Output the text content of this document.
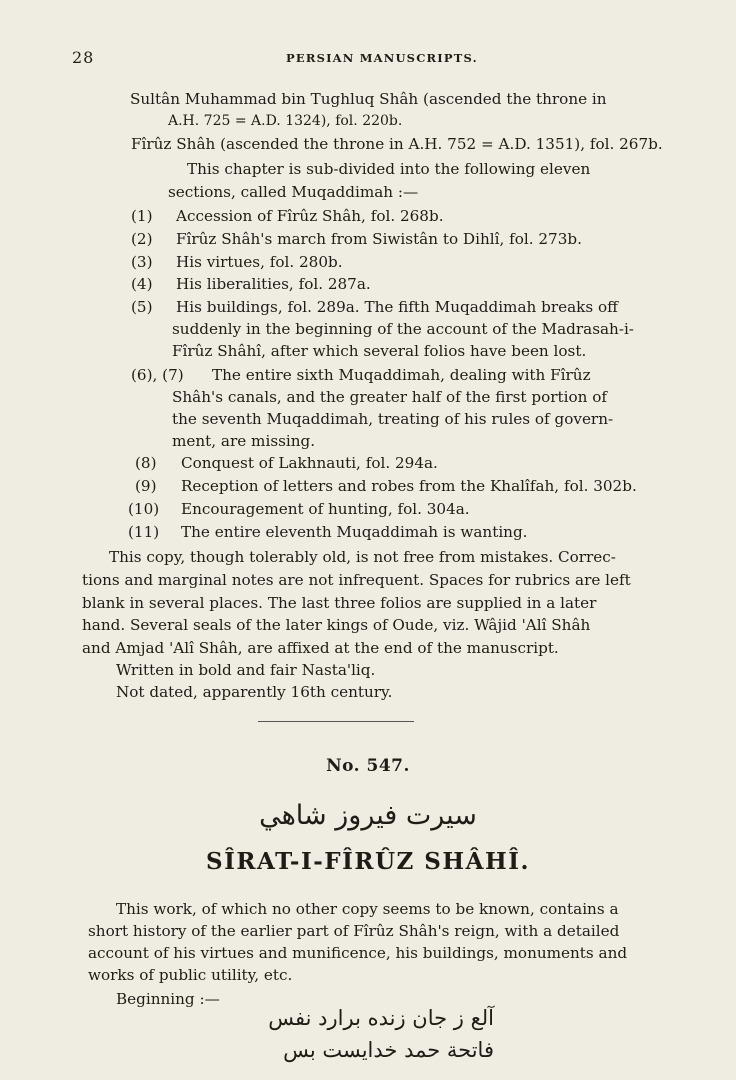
28	PERSIAN MANUSCRIPTS.
Sultân Muhammad bin Tughluq Shâh (ascended the throne in
A.H. 725 = A.D. 1324), fol. 220b.
Fîrûz Shâh (ascended the throne in A.H. 752 = A.D. 1351), fol. 267b.
This chapter is sub-divided into the following eleven
sections, called Muqaddimah :—
(1) Accession of Fîrûz Shâh, fol. 268b.
(2) Fîrûz Shâh's march from Siwistân to Dihlî, fol. 273b.
(3) His virtues, fol. 280b.
(4) His liberalities, fol. 287a.
(5) His buildings, fol. 289a. The fifth Muqaddimah breaks off
suddenly in the beginning of the account of the Madrasah-i-
Fîrûz Shâhî, after which several folios have been lost.
(6), (7) The entire sixth Muqaddimah, dealing with Fîrûz
Shâh's canals, and the greater half of the first portion of
the seventh Muqaddimah, treating of his rules of govern-
ment, are missing.
(8) Conquest of Lakhnauti, fol. 294a.
(9) Reception of letters and robes from the Khalîfah, fol. 302b.
(10) Encouragement of hunting, fol. 304a.
(11) The entire eleventh Muqaddimah is wanting.
This copy, though tolerably old, is not free from mistakes. Correc-
tions and marginal notes are not infrequent. Spaces for rubrics are left
blank in several places. The last three folios are supplied in a later
hand. Several seals of the later kings of Oude, viz. Wâjid 'Alî Shâh
and Amjad 'Alî Shâh, are affixed at the end of the manuscript.
Written in bold and fair Nasta'liq.
Not dated, apparently 16th century.
No. 547.
سیرت فیروز شاهي
SÎRAT-I-FÎRÛZ SHÂHÎ.
This work, of which no other copy seems to be known, contains a
short history of the earlier part of Fîrûz Shâh's reign, with a detailed
account of his virtues and munificence, his buildings, monuments and
works of public utility, etc.
Beginning :—
آلع ز جان زنده برارد نفس
فاتحة حمد خدايست بس
